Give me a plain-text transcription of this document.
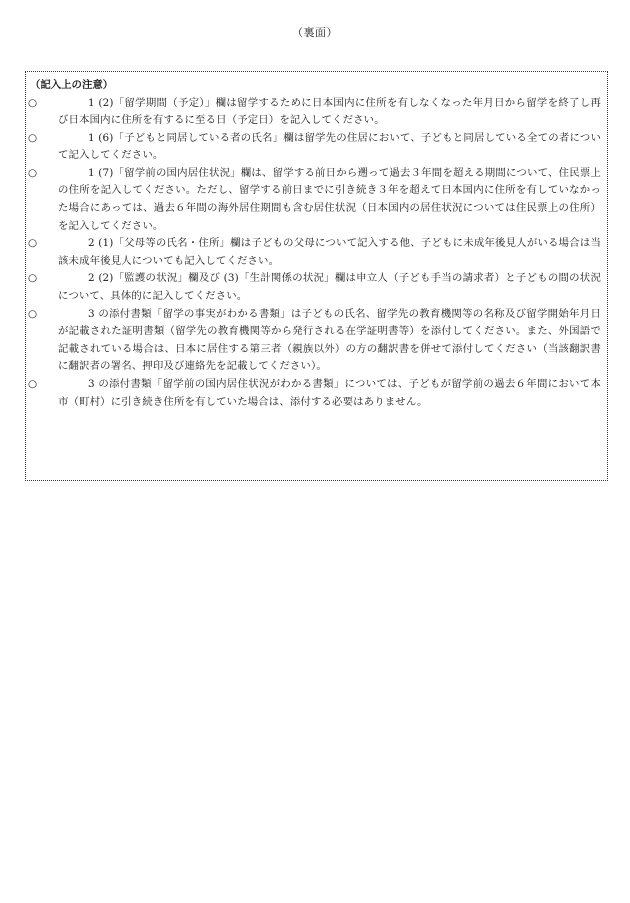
（裏面）
（記入上の注意）
○	1 (2)「留学期間（予定）」欄は留学するために日本国内に住所を有しなくなった年月日から留学を終了し再び日本国内に住所を有するに至る日（予定日）を記入してください。
○	1 (6)「子どもと同居している者の氏名」欄は留学先の住居において、子どもと同居している全ての者について記入してください。
○	1 (7)「留学前の国内居住状況」欄は、留学する前日から遡って過去３年間を超える期間について、住民票上の住所を記入してください。ただし、留学する前日までに引き続き３年を超えて日本国内に住所を有していなかった場合にあっては、過去６年間の海外居住期間も含む居住状況（日本国内の居住状況については住民票上の住所）を記入してください。
○	2 (1)「父母等の氏名・住所」欄は子どもの父母について記入する他、子どもに未成年後見人がいる場合は当該未成年後見人についても記入してください。
○	2 (2)「監護の状況」欄及び (3)「生計関係の状況」欄は申立人（子ども手当の請求者）と子どもの間の状況について、具体的に記入してください。
○	3 の添付書類「留学の事実がわかる書類」は子どもの氏名、留学先の教育機関等の名称及び留学開始年月日が記載された証明書類（留学先の教育機関等から発行される在学証明書等）を添付してください。また、外国語で記載されている場合は、日本に居住する第三者（親族以外）の方の翻訳書を併せて添付してください（当該翻訳書に翻訳者の署名、押印及び連絡先を記載してください）。
○	3 の添付書類「留学前の国内居住状況がわかる書類」については、子どもが留学前の過去６年間において本市（町村）に引き続き住所を有していた場合は、添付する必要はありません。
